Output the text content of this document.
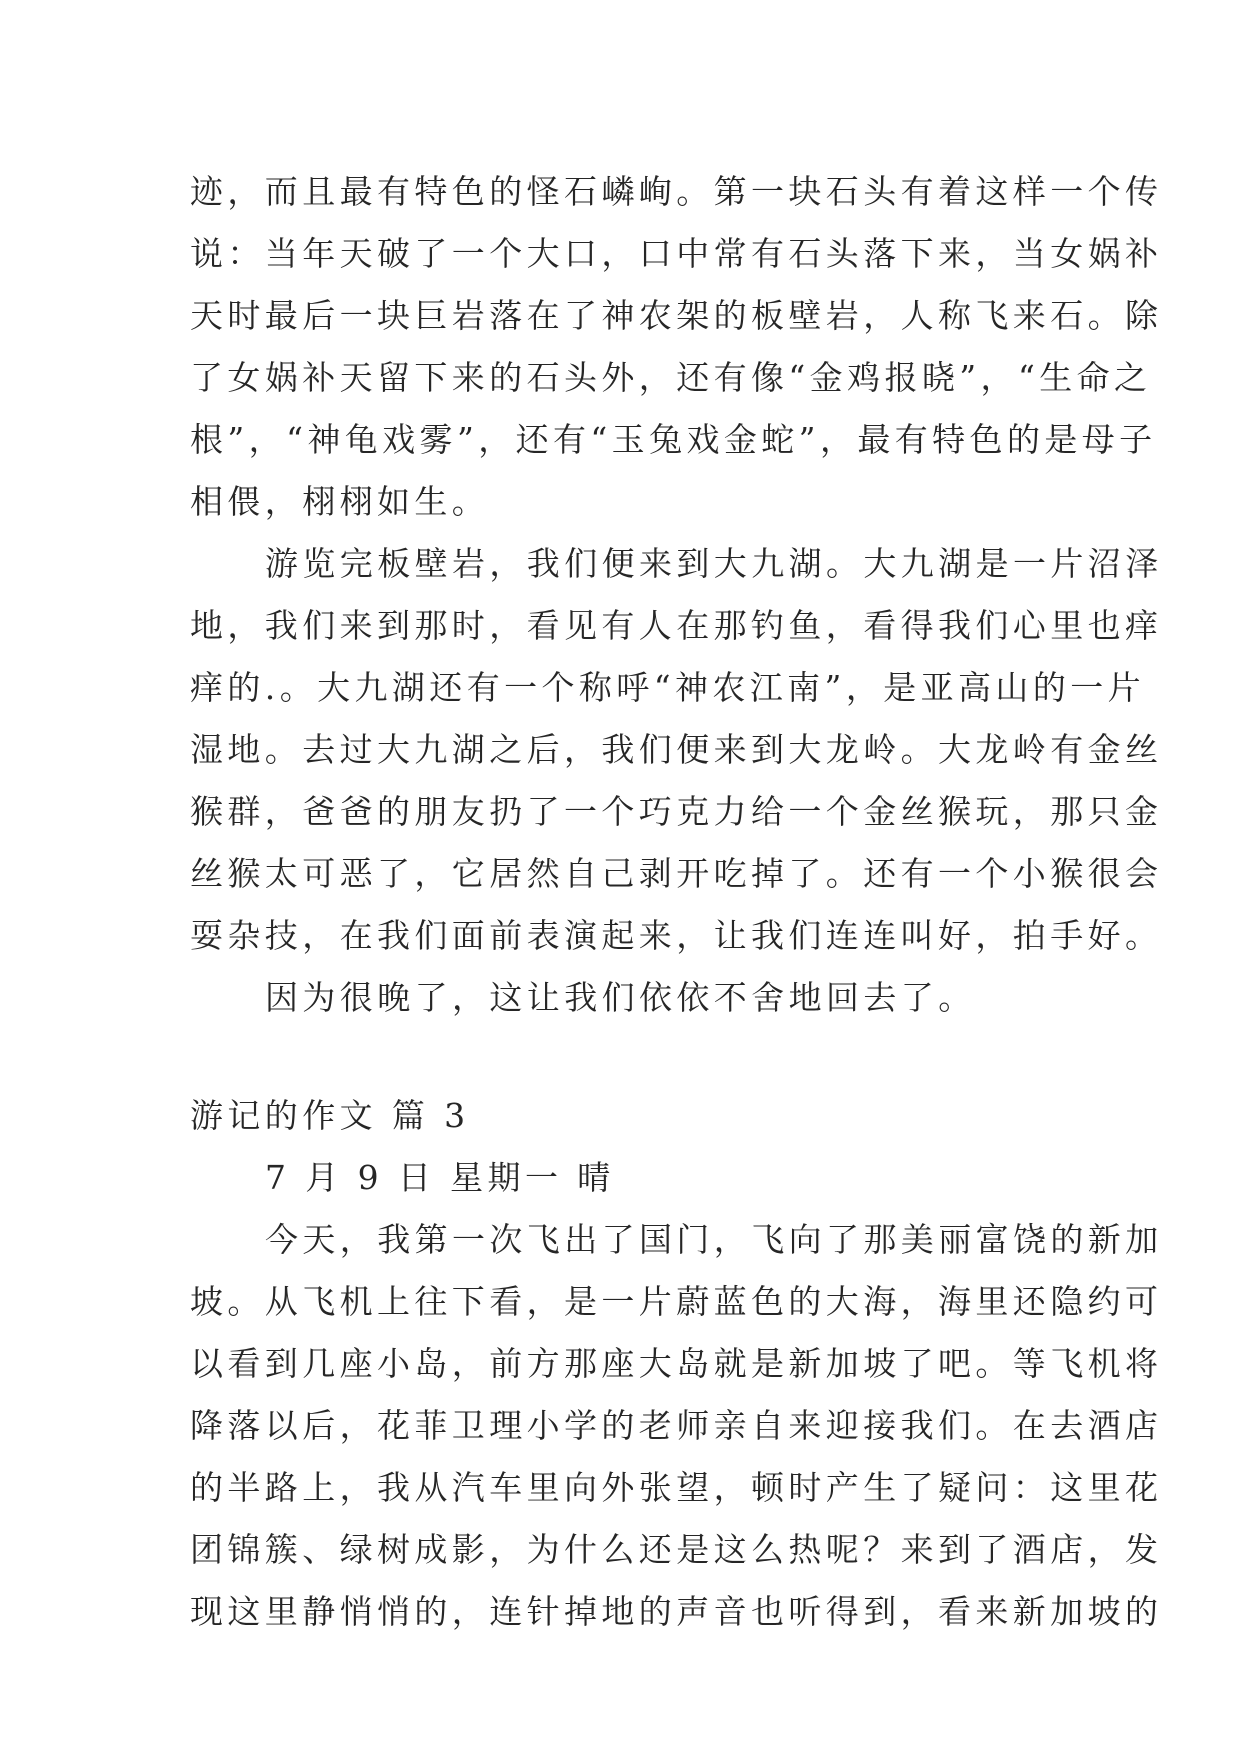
迹，而且最有特色的怪石嶙峋。第一块石头有着这样一个传
说：当年天破了一个大口，口中常有石头落下来，当女娲补
天时最后一块巨岩落在了神农架的板壁岩，人称飞来石。除
了女娲补天留下来的石头外，还有像“金鸡报晓”，“生命之
根”，“神龟戏雾”，还有“玉兔戏金蛇”，最有特色的是母子
相偎，栩栩如生。
游览完板壁岩，我们便来到大九湖。大九湖是一片沼泽
地，我们来到那时，看见有人在那钓鱼，看得我们心里也痒
痒的.。大九湖还有一个称呼“神农江南”，是亚高山的一片
湿地。去过大九湖之后，我们便来到大龙岭。大龙岭有金丝
猴群，爸爸的朋友扔了一个巧克力给一个金丝猴玩，那只金
丝猴太可恶了，它居然自己剥开吃掉了。还有一个小猴很会
耍杂技，在我们面前表演起来，让我们连连叫好，拍手好。
因为很晚了，这让我们依依不舍地回去了。
游记的作文 篇 3
7 月 9 日 星期一 晴
今天，我第一次飞出了国门，飞向了那美丽富饶的新加
坡。从飞机上往下看，是一片蔚蓝色的大海，海里还隐约可
以看到几座小岛，前方那座大岛就是新加坡了吧。等飞机将
降落以后，花菲卫理小学的老师亲自来迎接我们。在去酒店
的半路上，我从汽车里向外张望，顿时产生了疑问：这里花
团锦簇、绿树成影，为什么还是这么热呢？来到了酒店，发
现这里静悄悄的，连针掉地的声音也听得到，看来新加坡的
